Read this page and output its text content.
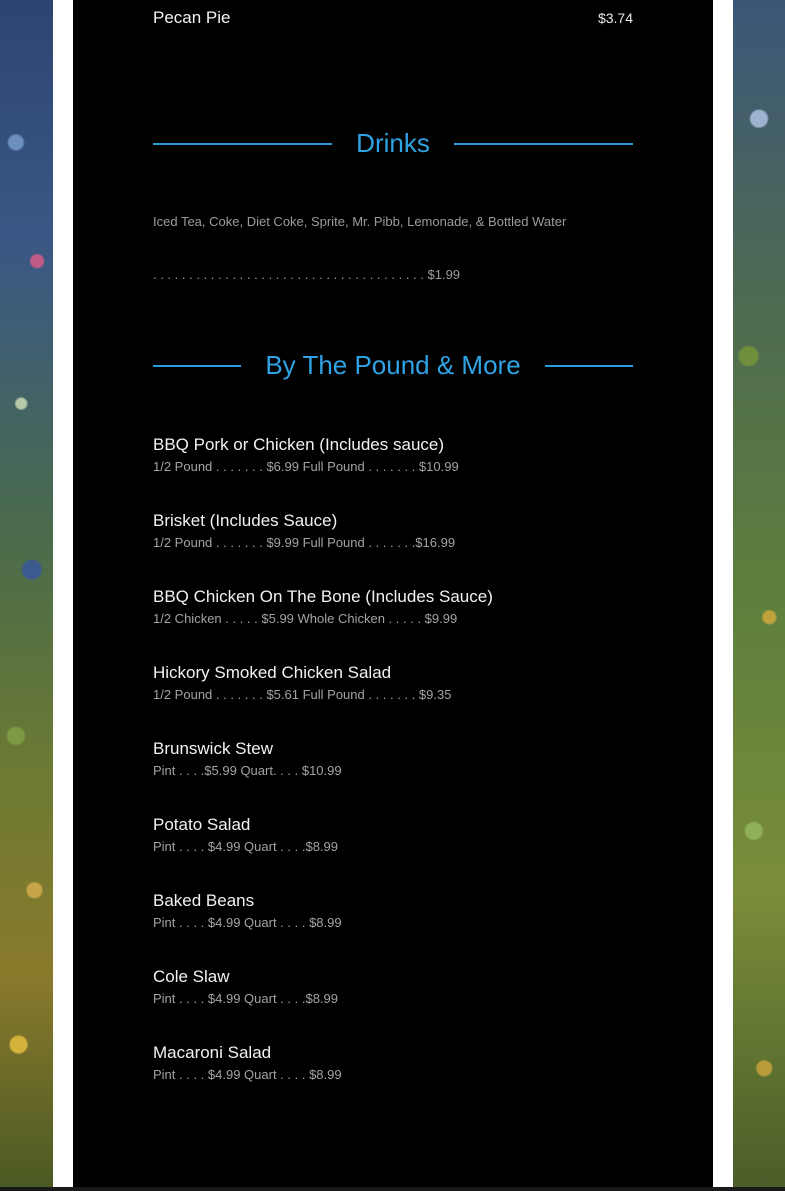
Pecan Pie	$3.74
Drinks
Iced Tea, Coke, Diet Coke, Sprite, Mr. Pibb, Lemonade, & Bottled Water
. . . . . . . . . . . . . . . . . . . . . . . . . . . . . . . . . . . . . . $1.99
By The Pound & More
BBQ Pork or Chicken (Includes sauce)
1/2 Pound . . . . . . . $6.99 Full Pound . . . . . . . $10.99
Brisket (Includes Sauce)
1/2 Pound . . . . . . . $9.99 Full Pound . . . . . . .$16.99
BBQ Chicken On The Bone (Includes Sauce)
1/2 Chicken . . . . . $5.99 Whole Chicken . . . . . $9.99
Hickory Smoked Chicken Salad
1/2 Pound . . . . . . . $5.61 Full Pound . . . . . . . $9.35
Brunswick Stew
Pint . . . .$5.99 Quart. . . . $10.99
Potato Salad
Pint . . . . $4.99 Quart . . . .$8.99
Baked Beans
Pint . . . . $4.99 Quart . . . . $8.99
Cole Slaw
Pint . . . . $4.99 Quart . . . .$8.99
Macaroni Salad
Pint . . . . $4.99 Quart . . . . $8.99
